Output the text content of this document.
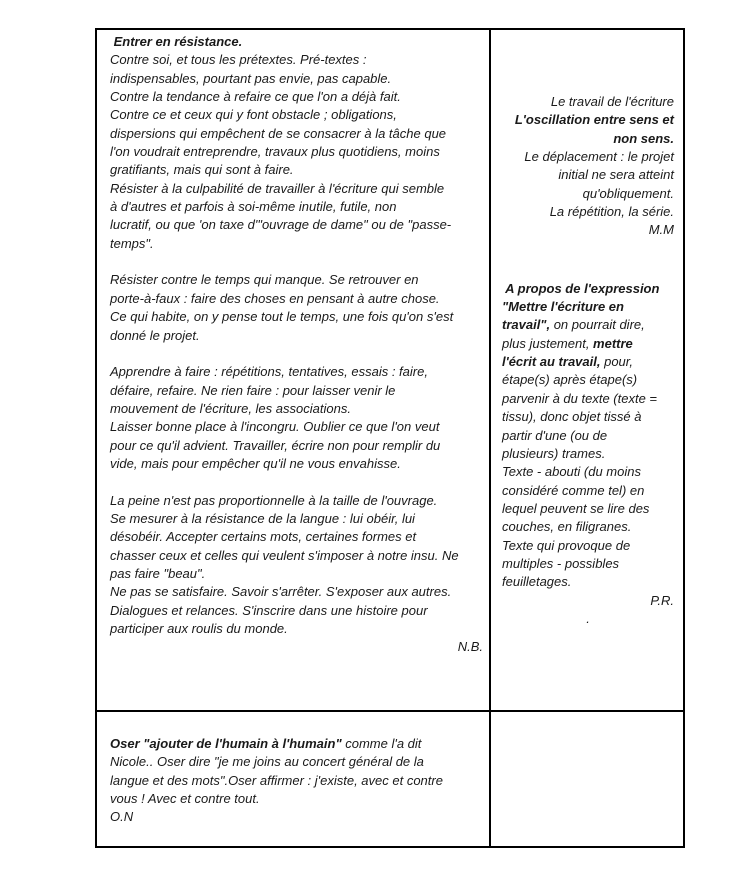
Entrer en résistance.
Contre soi, et tous les prétextes. Pré-textes :
indispensables, pourtant pas envie, pas capable.
Contre la tendance à refaire ce que l'on a déjà fait.
Contre ce et ceux qui y font obstacle ; obligations,
dispersions qui empêchent de se consacrer à la tâche que
l'on voudrait entreprendre, travaux plus quotidiens, moins
gratifiants, mais qui sont à faire.
Résister à la culpabilité de travailler à l'écriture qui semble
à d'autres et parfois à soi-même inutile, futile, non
lucratif, ou que 'on taxe d'"ouvrage de dame" ou de "passe-
temps".

Résister contre le temps qui manque. Se retrouver en
porte-à-faux : faire des choses en pensant à autre chose.
Ce qui habite, on y pense tout le temps, une fois qu'on s'est
donné le projet.

Apprendre à faire : répétitions, tentatives, essais : faire,
défaire, refaire. Ne rien faire : pour laisser venir le
mouvement de l'écriture, les associations.
Laisser bonne place à l'incongru. Oublier ce que l'on veut
pour ce qu'il advient. Travailler, écrire non pour remplir du
vide, mais pour empêcher qu'il ne vous envahisse.

La peine n'est pas proportionnelle à la taille de l'ouvrage.
Se mesurer à la résistance de la langue : lui obéir, lui
désobéir. Accepter certains mots, certaines formes et
chasser ceux et celles qui veulent s'imposer à notre insu. Ne
pas faire "beau".
Ne pas se satisfaire. Savoir s'arrêter. S'exposer aux autres.
Dialogues et relances. S'inscrire dans une histoire pour
participer aux roulis du monde.
N.B.
Le travail de l'écriture
L'oscillation entre sens et
non sens.
Le déplacement : le projet
initial ne sera atteint
qu'obliquement.
La répétition, la série.
M.M
A propos de l'expression
"Mettre l'écriture en
travail", on pourrait dire,
plus justement, mettre
l'écrit au travail, pour,
étape(s) après étape(s)
parvenir à du texte (texte =
tissu), donc objet tissé à
partir d'une (ou de
plusieurs) trames.
Texte - abouti (du moins
considéré comme tel) en
lequel peuvent se lire des
couches, en filigranes.
Texte qui provoque de
multiples - possibles
feuilletages.
P.R.
.
Oser "ajouter de l'humain à l'humain" comme l'a dit
Nicole.. Oser dire "je me joins au concert général de la
langue et des mots".Oser affirmer : j'existe, avec et contre
vous ! Avec et contre tout.
O.N
